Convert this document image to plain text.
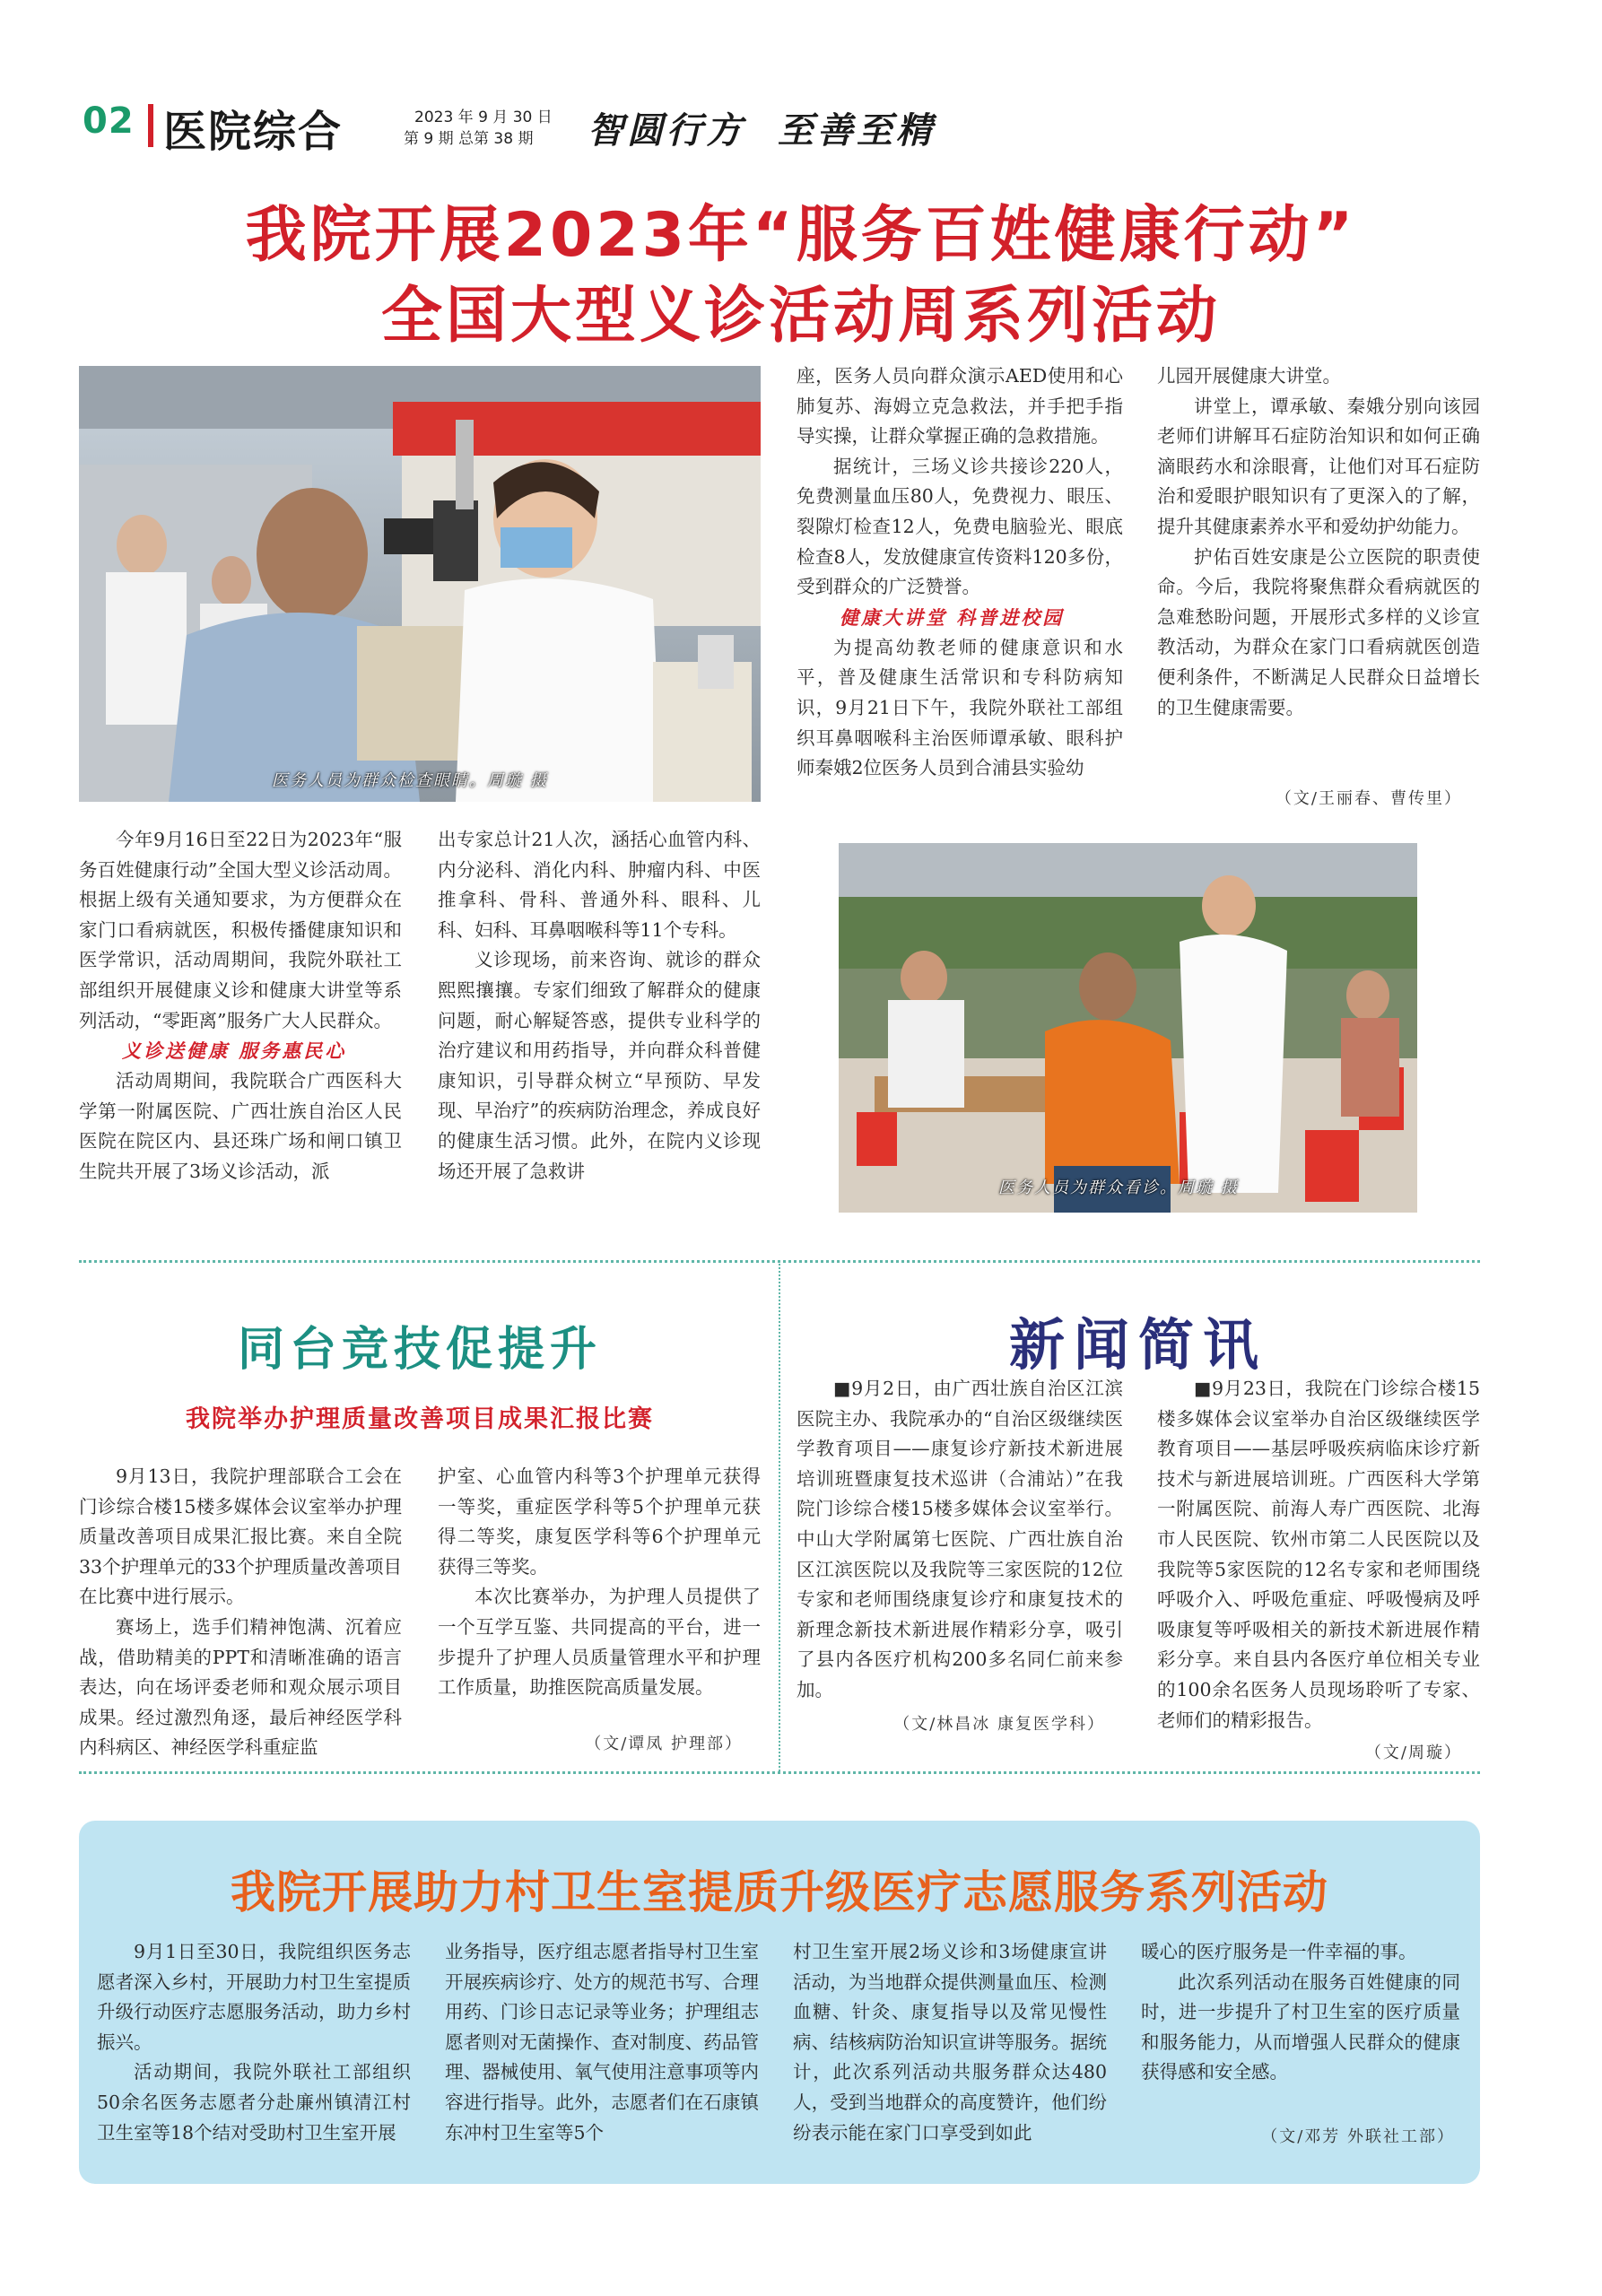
02 医院综合	2023 年 9 月 30 日
第 9 期 总第 38 期 智圆行方  至善至精
我院开展2023年“服务百姓健康行动”
全国大型义诊活动周系列活动
医务人员为群众检查眼睛。周璇 摄

今年9月16日至22日为2023年“服务百姓健康行动”全国大型义诊活动周。根据上级有关通知要求，为方便群众在家门口看病就医，积极传播健康知识和医学常识，活动周期间，我院外联社工部组织开展健康义诊和健康大讲堂等系列活动，“零距离”服务广大人民群众。

义诊送健康 服务惠民心

活动周期间，我院联合广西医科大学第一附属医院、广西壮族自治区人民医院在院区内、县还珠广场和闸口镇卫生院共开展了3场义诊活动，派

出专家总计21人次，涵括心血管内科、内分泌科、消化内科、肿瘤内科、中医推拿科、骨科、普通外科、眼科、儿科、妇科、耳鼻咽喉科等11个专科。

义诊现场，前来咨询、就诊的群众熙熙攘攘。专家们细致了解群众的健康问题，耐心解疑答惑，提供专业科学的治疗建议和用药指导，并向群众科普健康知识，引导群众树立“早预防、早发现、早治疗”的疾病防治理念，养成良好的健康生活习惯。此外，在院内义诊现场还开展了急救讲

座，医务人员向群众演示AED使用和心肺复苏、海姆立克急救法，并手把手指导实操，让群众掌握正确的急救措施。

据统计，三场义诊共接诊220人，免费测量血压80人，免费视力、眼压、裂隙灯检查12人，免费电脑验光、眼底检查8人，发放健康宣传资料120多份，受到群众的广泛赞誉。

健康大讲堂 科普进校园

为提高幼教老师的健康意识和水平，普及健康生活常识和专科防病知识，9月21日下午，我院外联社工部组织耳鼻咽喉科主治医师谭承敏、眼科护师秦娥2位医务人员到合浦县实验幼

儿园开展健康大讲堂。

讲堂上，谭承敏、秦娥分别向该园老师们讲解耳石症防治知识和如何正确滴眼药水和涂眼膏，让他们对耳石症防治和爱眼护眼知识有了更深入的了解，提升其健康素养水平和爱幼护幼能力。

护佑百姓安康是公立医院的职责使命。今后，我院将聚焦群众看病就医的急难愁盼问题，开展形式多样的义诊宣教活动，为群众在家门口看病就医创造便利条件，不断满足人民群众日益增长的卫生健康需要。

（文/王丽春、曹传里）
医务人员为群众看诊。周璇 摄
同台竞技促提升
我院举办护理质量改善项目成果汇报比赛

9月13日，我院护理部联合工会在门诊综合楼15楼多媒体会议室举办护理质量改善项目成果汇报比赛。来自全院33个护理单元的33个护理质量改善项目在比赛中进行展示。

赛场上，选手们精神饱满、沉着应战，借助精美的PPT和清晰准确的语言表达，向在场评委老师和观众展示项目成果。经过激烈角逐，最后神经医学科内科病区、神经医学科重症监

护室、心血管内科等3个护理单元获得一等奖，重症医学科等5个护理单元获得二等奖，康复医学科等6个护理单元获得三等奖。

本次比赛举办，为护理人员提供了一个互学互鉴、共同提高的平台，进一步提升了护理人员质量管理水平和护理工作质量，助推医院高质量发展。

（文/谭凤 护理部）
新闻简讯

■9月2日，由广西壮族自治区江滨医院主办、我院承办的“自治区级继续医学教育项目——康复诊疗新技术新进展培训班暨康复技术巡讲（合浦站）”在我院门诊综合楼15楼多媒体会议室举行。中山大学附属第七医院、广西壮族自治区江滨医院以及我院等三家医院的12位专家和老师围绕康复诊疗和康复技术的新理念新技术新进展作精彩分享，吸引了县内各医疗机构200多名同仁前来参加。

（文/林昌冰 康复医学科）

■9月23日，我院在门诊综合楼15楼多媒体会议室举办自治区级继续医学教育项目——基层呼吸疾病临床诊疗新技术与新进展培训班。广西医科大学第一附属医院、前海人寿广西医院、北海市人民医院、钦州市第二人民医院以及我院等5家医院的12名专家和老师围绕呼吸介入、呼吸危重症、呼吸慢病及呼吸康复等呼吸相关的新技术新进展作精彩分享。来自县内各医疗单位相关专业的100余名医务人员现场聆听了专家、老师们的精彩报告。

（文/周璇）
我院开展助力村卫生室提质升级医疗志愿服务系列活动

9月1日至30日，我院组织医务志愿者深入乡村，开展助力村卫生室提质升级行动医疗志愿服务活动，助力乡村振兴。

活动期间，我院外联社工部组织50余名医务志愿者分赴廉州镇清江村卫生室等18个结对受助村卫生室开展

业务指导，医疗组志愿者指导村卫生室开展疾病诊疗、处方的规范书写、合理用药、门诊日志记录等业务；护理组志愿者则对无菌操作、查对制度、药品管理、器械使用、氧气使用注意事项等内容进行指导。此外，志愿者们在石康镇东冲村卫生室等5个

村卫生室开展2场义诊和3场健康宣讲活动，为当地群众提供测量血压、检测血糖、针灸、康复指导以及常见慢性病、结核病防治知识宣讲等服务。据统计，此次系列活动共服务群众达480人，受到当地群众的高度赞许，他们纷纷表示能在家门口享受到如此

暖心的医疗服务是一件幸福的事。

此次系列活动在服务百姓健康的同时，进一步提升了村卫生室的医疗质量和服务能力，从而增强人民群众的健康获得感和安全感。

（文/邓芳 外联社工部）
